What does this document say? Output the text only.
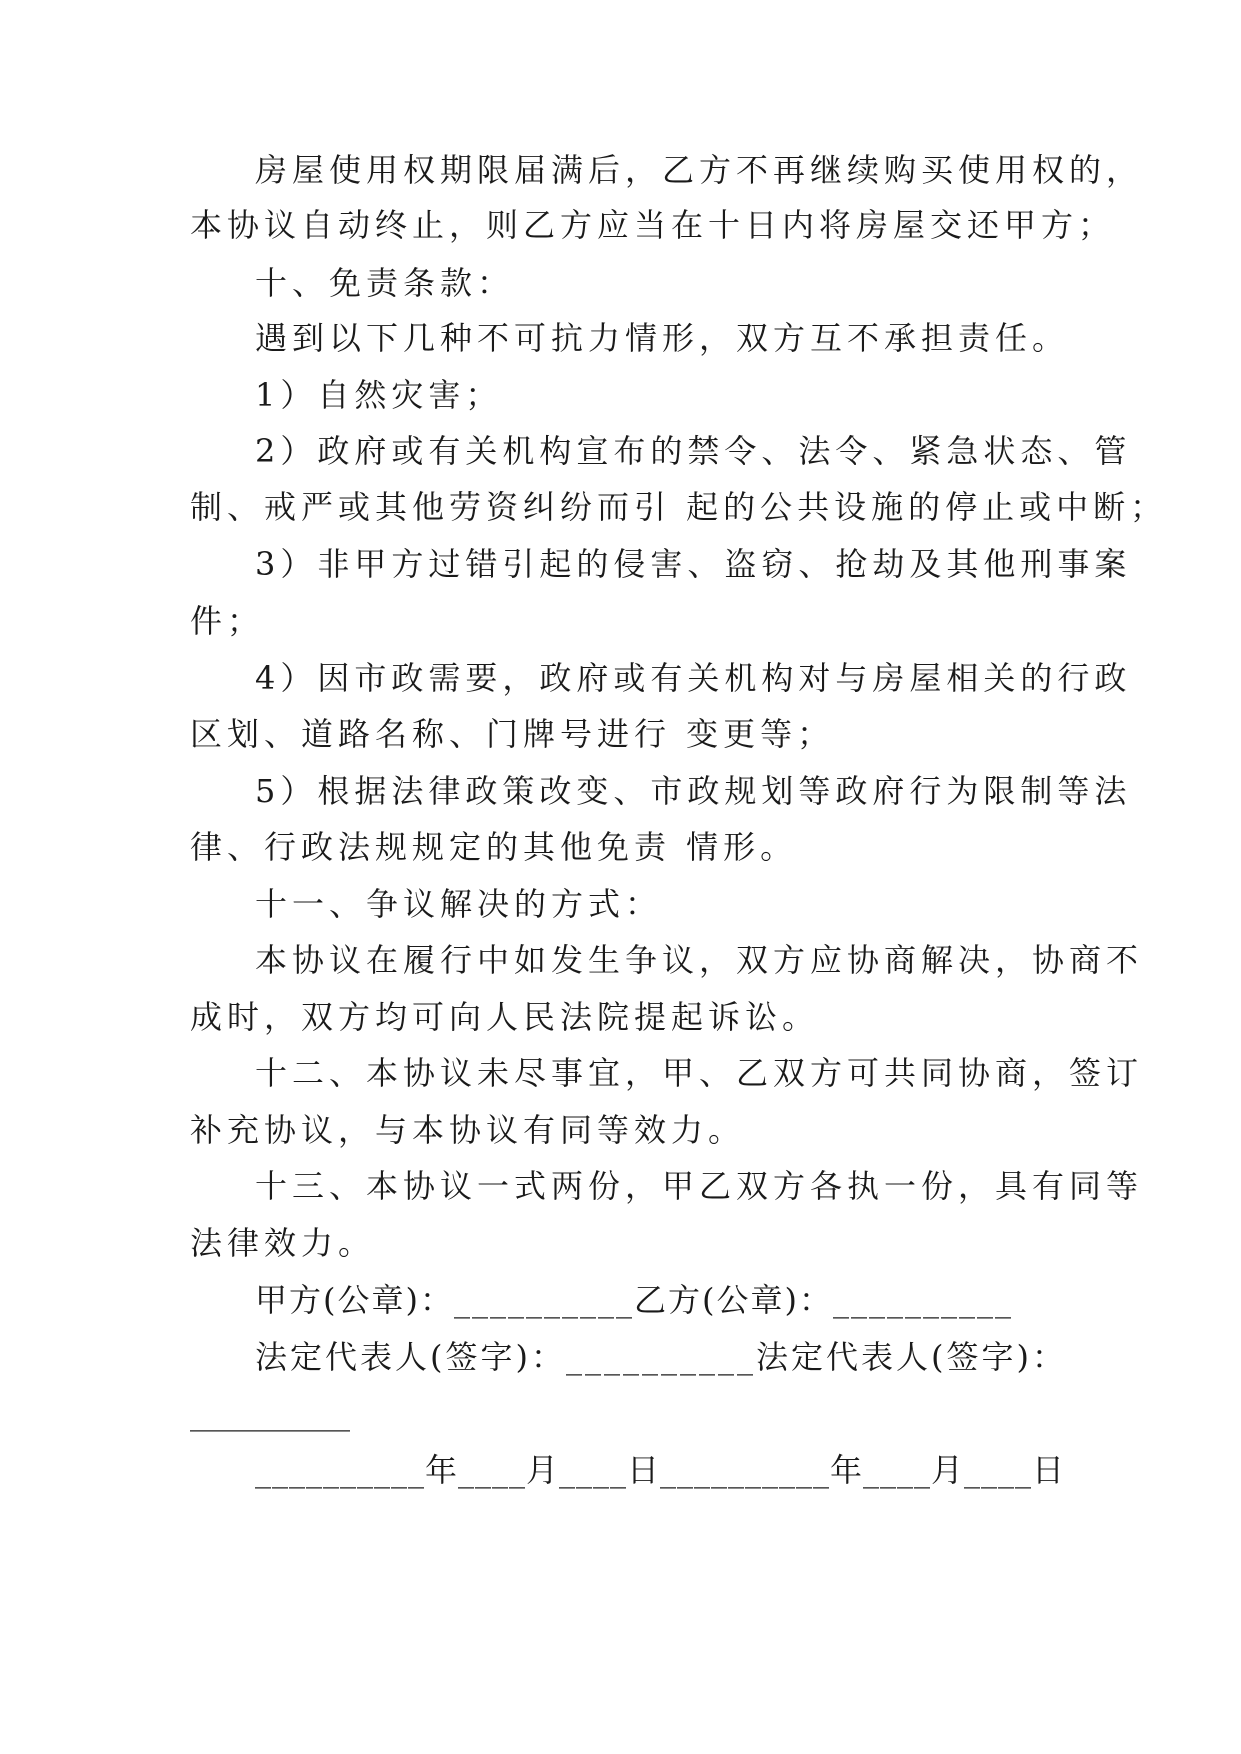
房屋使用权期限届满后，乙方不再继续购买使用权的，
本协议自动终止，则乙方应当在十日内将房屋交还甲方；
十、免责条款：
遇到以下几种不可抗力情形，双方互不承担责任。
1）自然灾害；
2）政府或有关机构宣布的禁令、法令、紧急状态、管
制、戒严或其他劳资纠纷而引 起的公共设施的停止或中断；
3）非甲方过错引起的侵害、盗窃、抢劫及其他刑事案
件；
4）因市政需要，政府或有关机构对与房屋相关的行政
区划、道路名称、门牌号进行 变更等；
5）根据法律政策改变、市政规划等政府行为限制等法
律、行政法规规定的其他免责 情形。
十一、争议解决的方式：
本协议在履行中如发生争议，双方应协商解决，协商不
成时，双方均可向人民法院提起诉讼。
十二、本协议未尽事宜，甲、乙双方可共同协商，签订
补充协议，与本协议有同等效力。
十三、本协议一式两份，甲乙双方各执一份，具有同等
法律效力。
甲方(公章)：__________乙方(公章)：__________
法定代表人(签字)：__________法定代表人(签字)：
__________
__________年____月____日__________年____月____日
